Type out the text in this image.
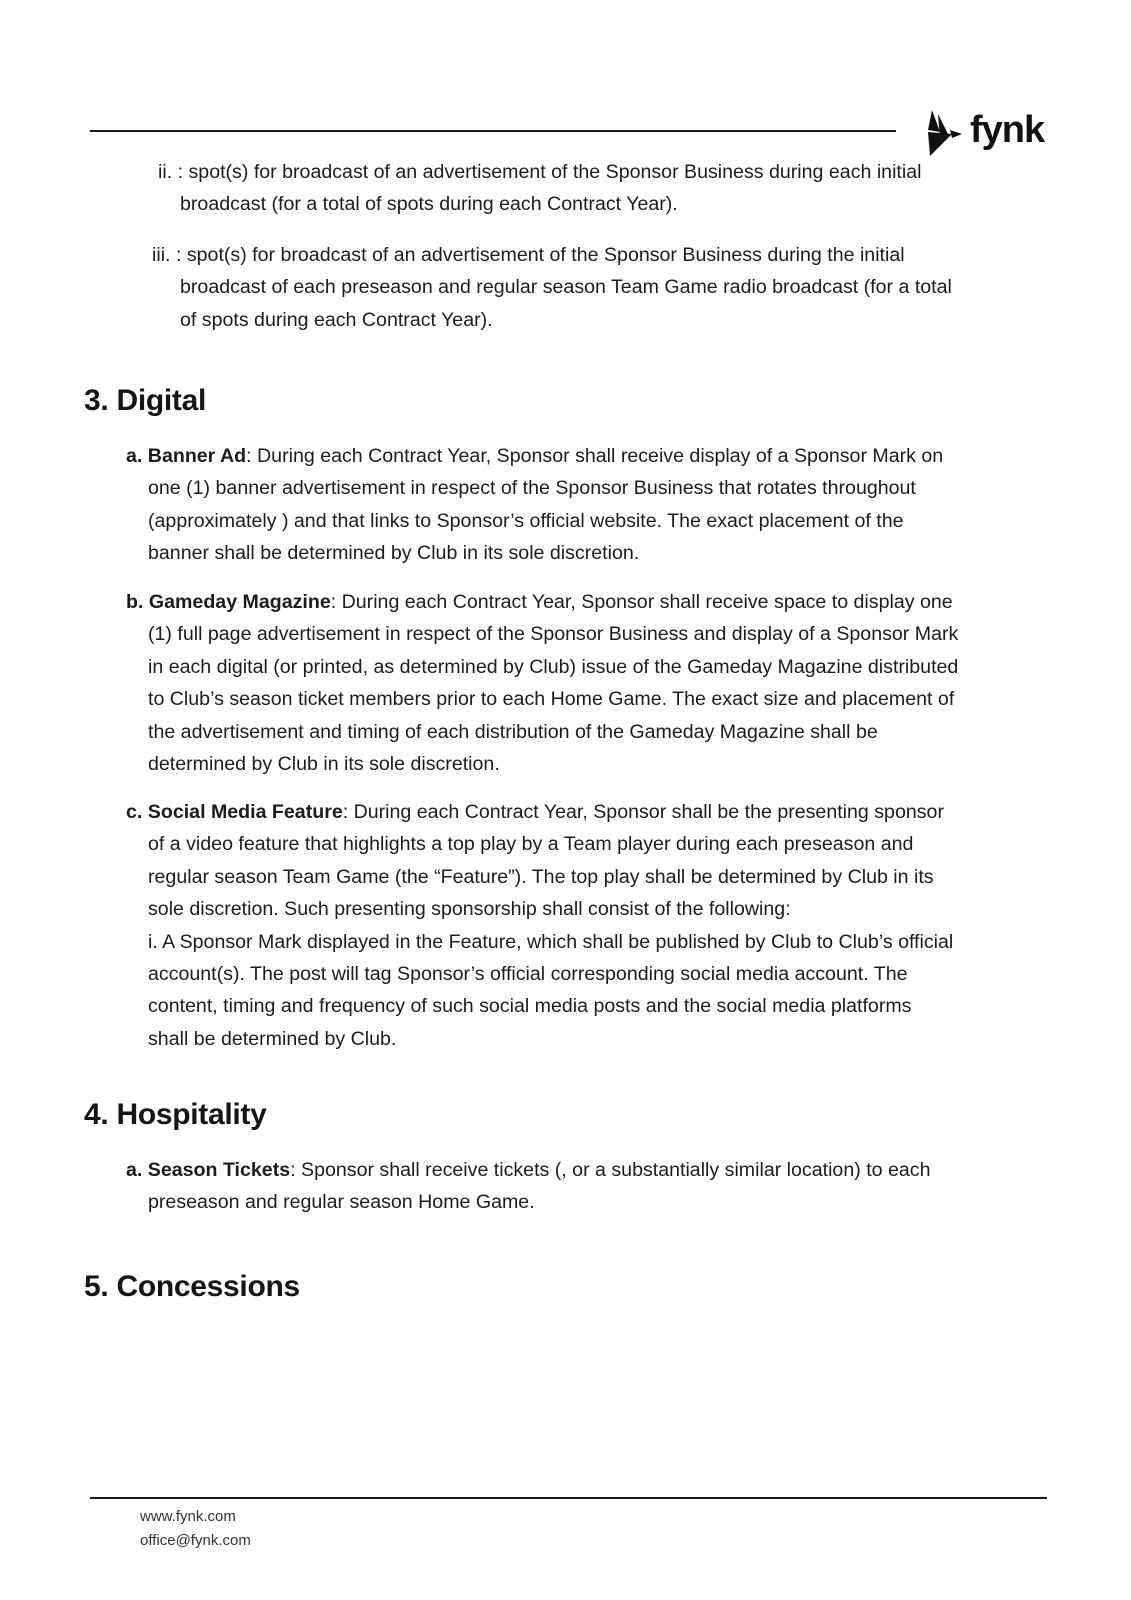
fynk
ii. : spot(s) for broadcast of an advertisement of the Sponsor Business during each initial
broadcast (for a total of spots during each Contract Year).
iii. : spot(s) for broadcast of an advertisement of the Sponsor Business during the initial
broadcast of each preseason and regular season Team Game radio broadcast (for a total
of spots during each Contract Year).
3. Digital
a. Banner Ad: During each Contract Year, Sponsor shall receive display of a Sponsor Mark on
one (1) banner advertisement in respect of the Sponsor Business that rotates throughout
(approximately ) and that links to Sponsor’s official website. The exact placement of the
banner shall be determined by Club in its sole discretion.
b. Gameday Magazine: During each Contract Year, Sponsor shall receive space to display one
(1) full page advertisement in respect of the Sponsor Business and display of a Sponsor Mark
in each digital (or printed, as determined by Club) issue of the Gameday Magazine distributed
to Club’s season ticket members prior to each Home Game. The exact size and placement of
the advertisement and timing of each distribution of the Gameday Magazine shall be
determined by Club in its sole discretion.
c. Social Media Feature: During each Contract Year, Sponsor shall be the presenting sponsor
of a video feature that highlights a top play by a Team player during each preseason and
regular season Team Game (the “Feature”). The top play shall be determined by Club in its
sole discretion. Such presenting sponsorship shall consist of the following:
i. A Sponsor Mark displayed in the Feature, which shall be published by Club to Club’s official
account(s). The post will tag Sponsor’s official corresponding social media account. The
content, timing and frequency of such social media posts and the social media platforms
shall be determined by Club.
4. Hospitality
a. Season Tickets: Sponsor shall receive tickets (, or a substantially similar location) to each
preseason and regular season Home Game.
5. Concessions
www.fynk.com
office@fynk.com
